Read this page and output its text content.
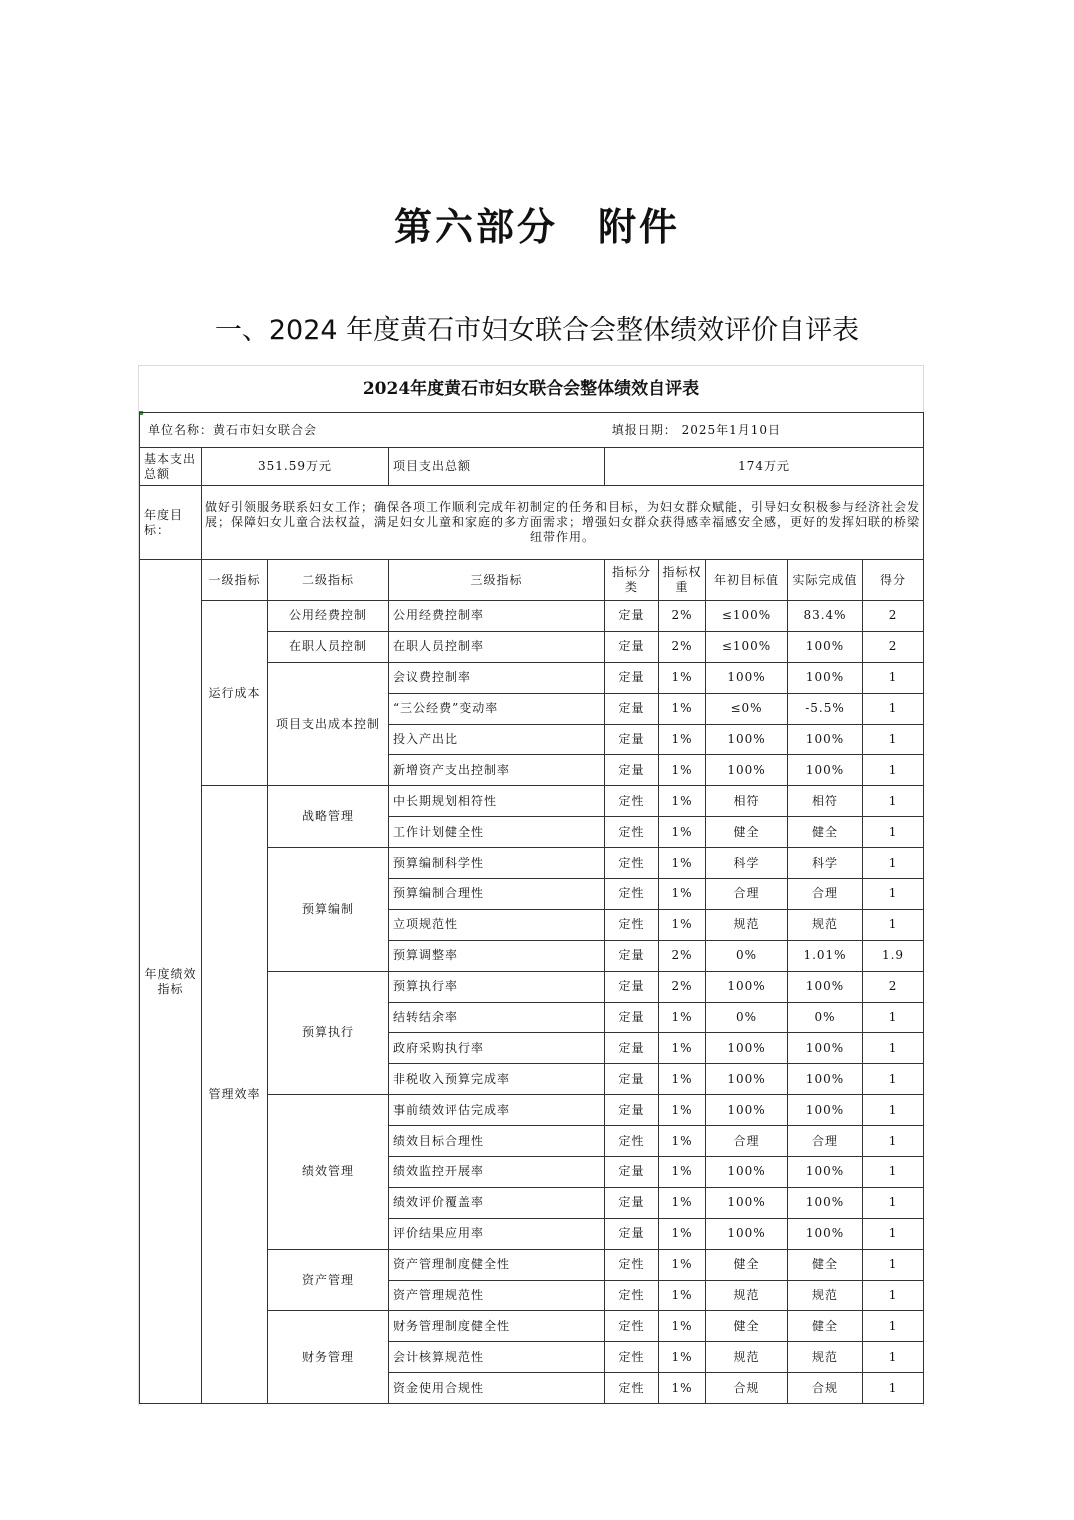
第六部分 附件
一、2024 年度黄石市妇女联合会整体绩效评价自评表
2024年度黄石市妇女联合会整体绩效自评表
单位名称：黄石市妇女联合会 填报日期： 2025年1月10日								

基本支出总额	351.59万元		项目支出总额	174万元				
年度目标：	做好引领服务联系妇女工作；确保各项工作顺利完成年初制定的任务和目标，为妇女群众赋能，引导妇女积极参与经济社会发展；保障妇女儿童合法权益，满足妇女儿童和家庭的多方面需求；增强妇女群众获得感幸福感安全感，更好的发挥妇联的桥梁纽带作用。							
年度绩效指标	一级指标	二级指标	三级指标	指标分类	指标权重	年初目标值	实际完成值	得分
	运行成本	公用经费控制	公用经费控制率	定量	2%	≤100%	83.4%	2
		在职人员控制	在职人员控制率	定量	2%	≤100%	100%	2
		项目支出成本控制	会议费控制率	定量	1%	100%	100%	1
			“三公经费”变动率	定量	1%	≤0%	-5.5%	1
			投入产出比	定量	1%	100%	100%	1
			新增资产支出控制率	定量	1%	100%	100%	1
	管理效率	战略管理	中长期规划相符性	定性	1%	相符	相符	1
			工作计划健全性	定性	1%	健全	健全	1
		预算编制	预算编制科学性	定性	1%	科学	科学	1
			预算编制合理性	定性	1%	合理	合理	1
			立项规范性	定性	1%	规范	规范	1
			预算调整率	定量	2%	0%	1.01%	1.9
		预算执行	预算执行率	定量	2%	100%	100%	2
			结转结余率	定量	1%	0%	0%	1
			政府采购执行率	定量	1%	100%	100%	1
			非税收入预算完成率	定量	1%	100%	100%	1
		绩效管理	事前绩效评估完成率	定量	1%	100%	100%	1
			绩效目标合理性	定性	1%	合理	合理	1
			绩效监控开展率	定量	1%	100%	100%	1
			绩效评价覆盖率	定量	1%	100%	100%	1
			评价结果应用率	定量	1%	100%	100%	1
		资产管理	资产管理制度健全性	定性	1%	健全	健全	1
			资产管理规范性	定性	1%	规范	规范	1
		财务管理	财务管理制度健全性	定性	1%	健全	健全	1
			会计核算规范性	定性	1%	规范	规范	1
			资金使用合规性	定性	1%	合规	合规	1
